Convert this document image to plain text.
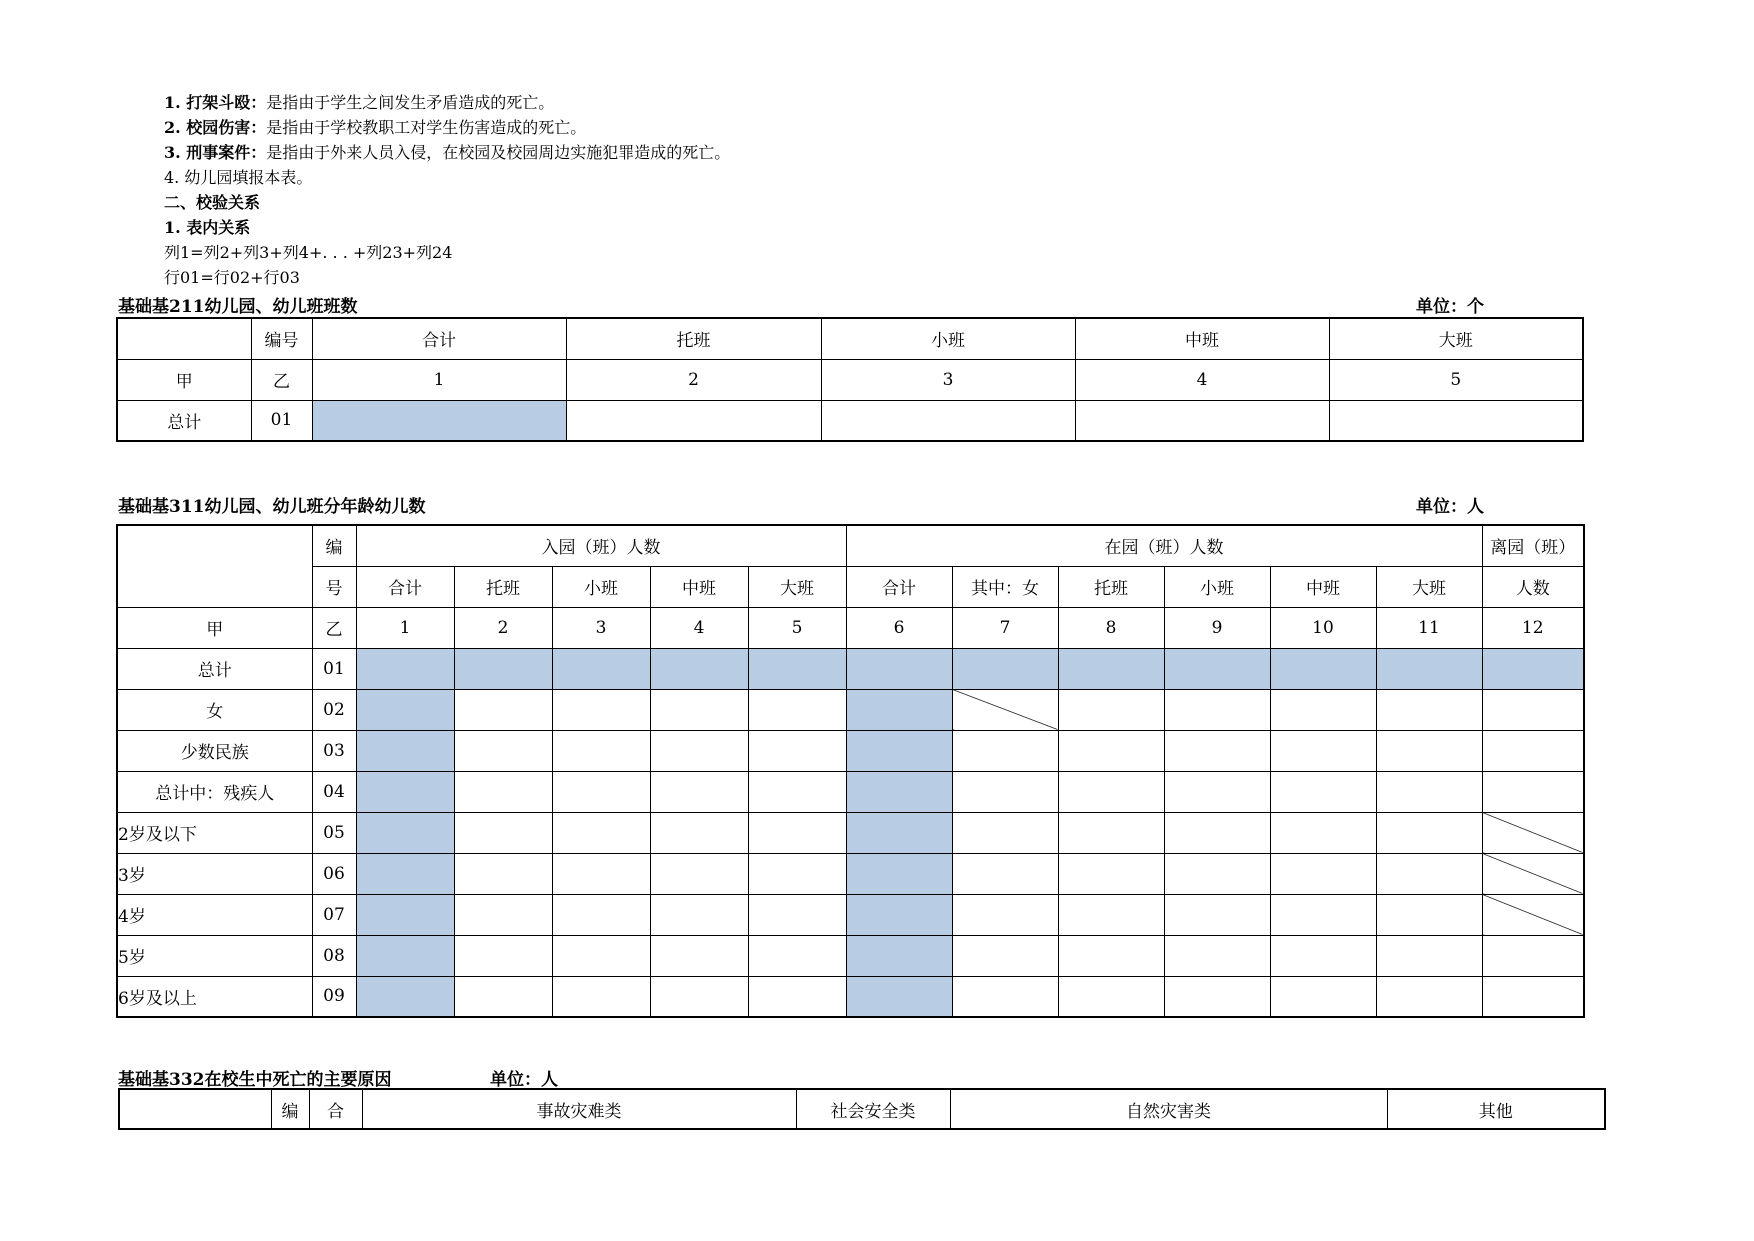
1. 打架斗殴：是指由于学生之间发生矛盾造成的死亡。
2. 校园伤害：是指由于学校教职工对学生伤害造成的死亡。
3. 刑事案件：是指由于外来人员入侵，在校园及校园周边实施犯罪造成的死亡。
4. 幼儿园填报本表。
二、校验关系
1. 表内关系
列1=列2+列3+列4+. . . +列23+列24
行01=行02+行03
基础基211幼儿园、幼儿班班数	单位：个
	编号	合计	托班	小班	中班	大班
甲	乙	1	2	3	4	5
总计	01					
基础基311幼儿园、幼儿班分年龄幼儿数	单位：人
	编	入园（班）人数					在园（班）人数						离园（班）
	号	合计	托班	小班	中班	大班	合计	其中：女	托班	小班	中班	大班	人数
甲	乙	1	2	3	4	5	6	7	8	9	10	11	12
总计	01												
女	02												
少数民族	03												
总计中：残疾人	04												
2岁及以下	05												
3岁	06												
4岁	07												
5岁	08												
6岁及以上	09												
基础基332在校生中死亡的主要原因	单位：人
	编	合	事故灾难类	社会安全类	自然灾害类	其他
